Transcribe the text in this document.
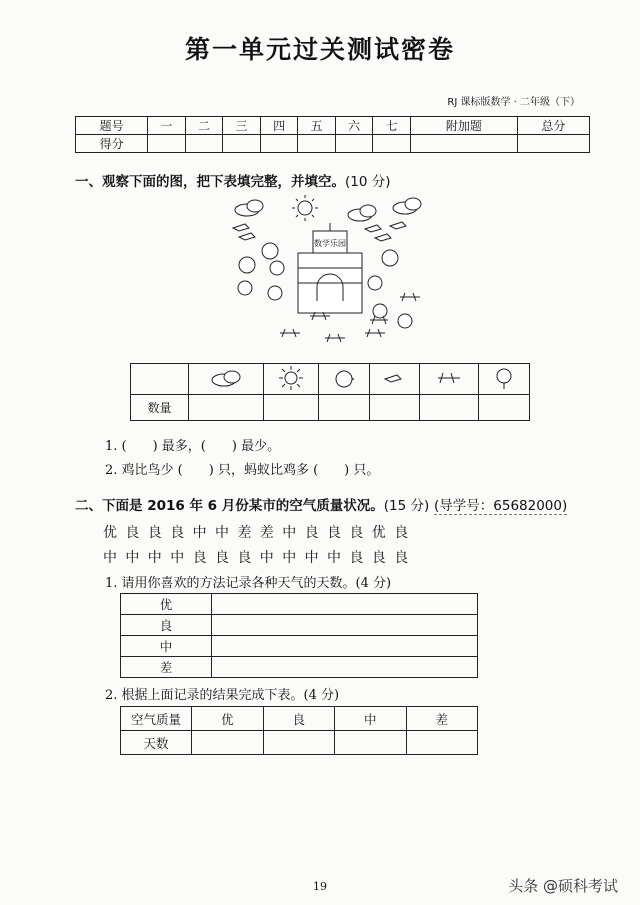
第一单元过关测试密卷
RJ 课标版数学 · 二年级（下）
题号	一	二	三	四	五	六	七	附加题	总分
得分									
一、观察下面的图，把下表填完整，并填空。(10 分)
数学乐园

数量						
1. (　　) 最多，(　　) 最少。
2. 鸡比鸟少 (　　) 只，蚂蚁比鸡多 (　　) 只。
二、下面是 2016 年 6 月份某市的空气质量状况。(15 分) (导学号：65682000)
优良良良中中差差中良良良优良
中中中中良良良中中中中良良良
1. 请用你喜欢的方法记录各种天气的天数。(4 分)
优	
良	
中	
差	
2. 根据上面记录的结果完成下表。(4 分)
空气质量	优	良	中	差
天数				
19	头条 @硕科考试
